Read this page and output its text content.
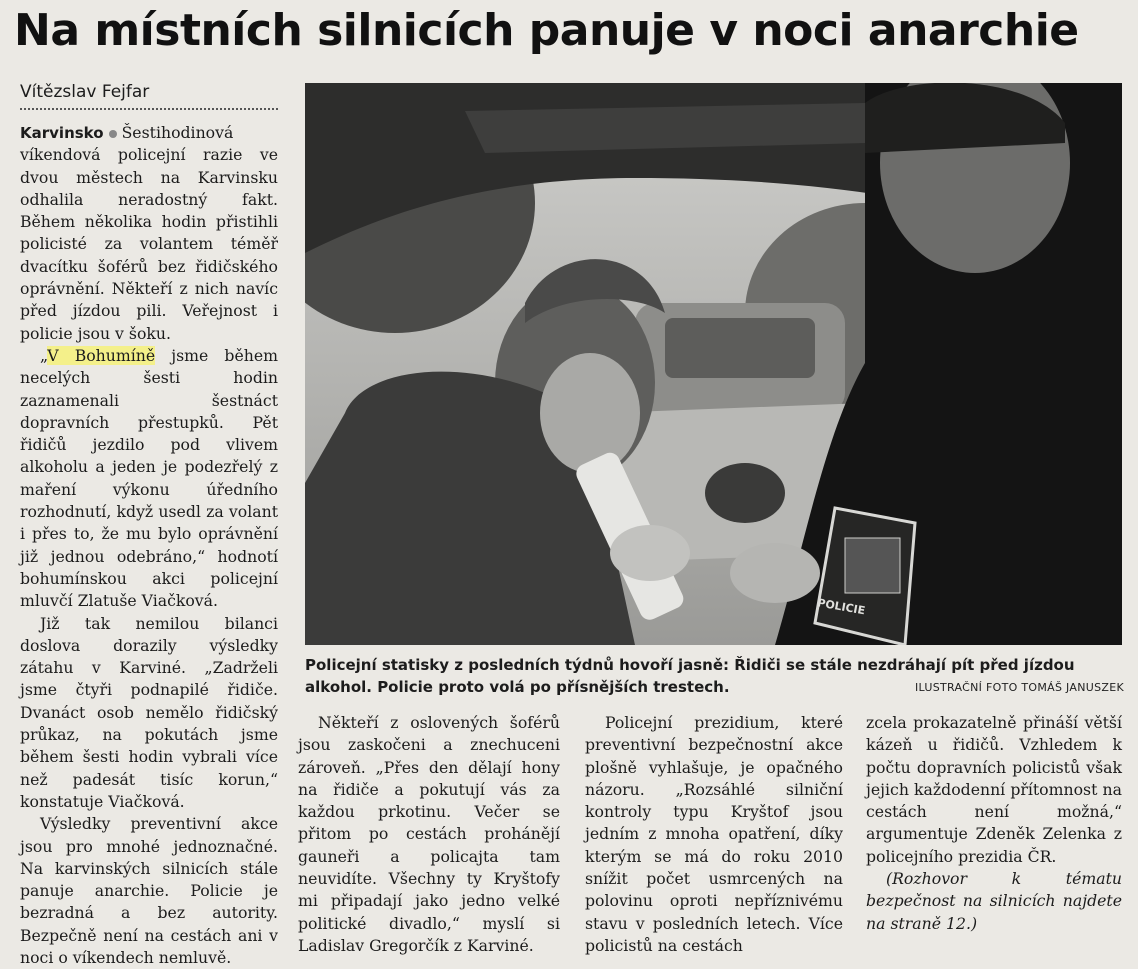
Na místních silnicích panuje v noci anarchie
Vítězslav Fejfar

Karvinsko Šestihodinová víkendová policejní razie ve dvou městech na Karvinsku odhalila neradostný fakt. Během několika hodin přistihli policisté za volantem téměř dvacítku šoférů bez řidičského oprávnění. Někteří z nich navíc před jízdou pili. Veřejnost i policie jsou v šoku.

„V Bohumíně jsme během necelých šesti hodin zaznamenali šestnáct dopravních přestupků. Pět řidičů jezdilo pod vlivem alkoholu a jeden je podezřelý z maření výkonu úředního rozhodnutí, když usedl za volant i přes to, že mu bylo oprávnění již jednou odebráno,“ hodnotí bohumínskou akci policejní mluvčí Zlatuše Viačková.

Již tak nemilou bilanci doslova dorazily výsledky zátahu v Karviné. „Zadrželi jsme čtyři podnapilé řidiče. Dvanáct osob nemělo řidičský průkaz, na pokutách jsme během šesti hodin vybrali více než padesát tisíc korun,“ konstatuje Viačková.

Výsledky preventivní akce jsou pro mnohé jednoznačné. Na karvinských silnicích stále panuje anarchie. Policie je bezradná a bez autority. Bezpečně není na cestách ani v noci o víkendech nemluvě.

POLICIE
Policejní statisky z posledních týdnů hovoří jasně: Řidiči se stále nezdráhají pít před jízdou alkohol. Policie proto volá po přísnějších trestech.	ILUSTRAČNÍ FOTO TOMÁŠ JANUSZEK

Někteří z oslovených šoférů jsou zaskočeni a znechuceni zároveň. „Přes den dělají hony na řidiče a pokutují vás za každou prkotinu. Večer se přitom po cestách prohánějí gauneři a policajta tam neuvidíte. Všechny ty Kryštofy mi připadají jako jedno velké politické divadlo,“ myslí si Ladislav Gregorčík z Karviné.

Policejní prezidium, které preventivní bezpečnostní akce plošně vyhlašuje, je opačného názoru. „Rozsáhlé silniční kontroly typu Kryštof jsou jedním z mnoha opatření, díky kterým se má do roku 2010 snížit počet usmrcených na polovinu oproti nepříznivému stavu v posledních letech. Více policistů na cestách

zcela prokazatelně přináší větší kázeň u řidičů. Vzhledem k počtu dopravních policistů však jejich každodenní přítomnost na cestách není možná,“ argumentuje Zdeněk Zelenka z policejního prezidia ČR.

(Rozhovor k tématu bezpečnost na silnicích najdete na straně 12.)
